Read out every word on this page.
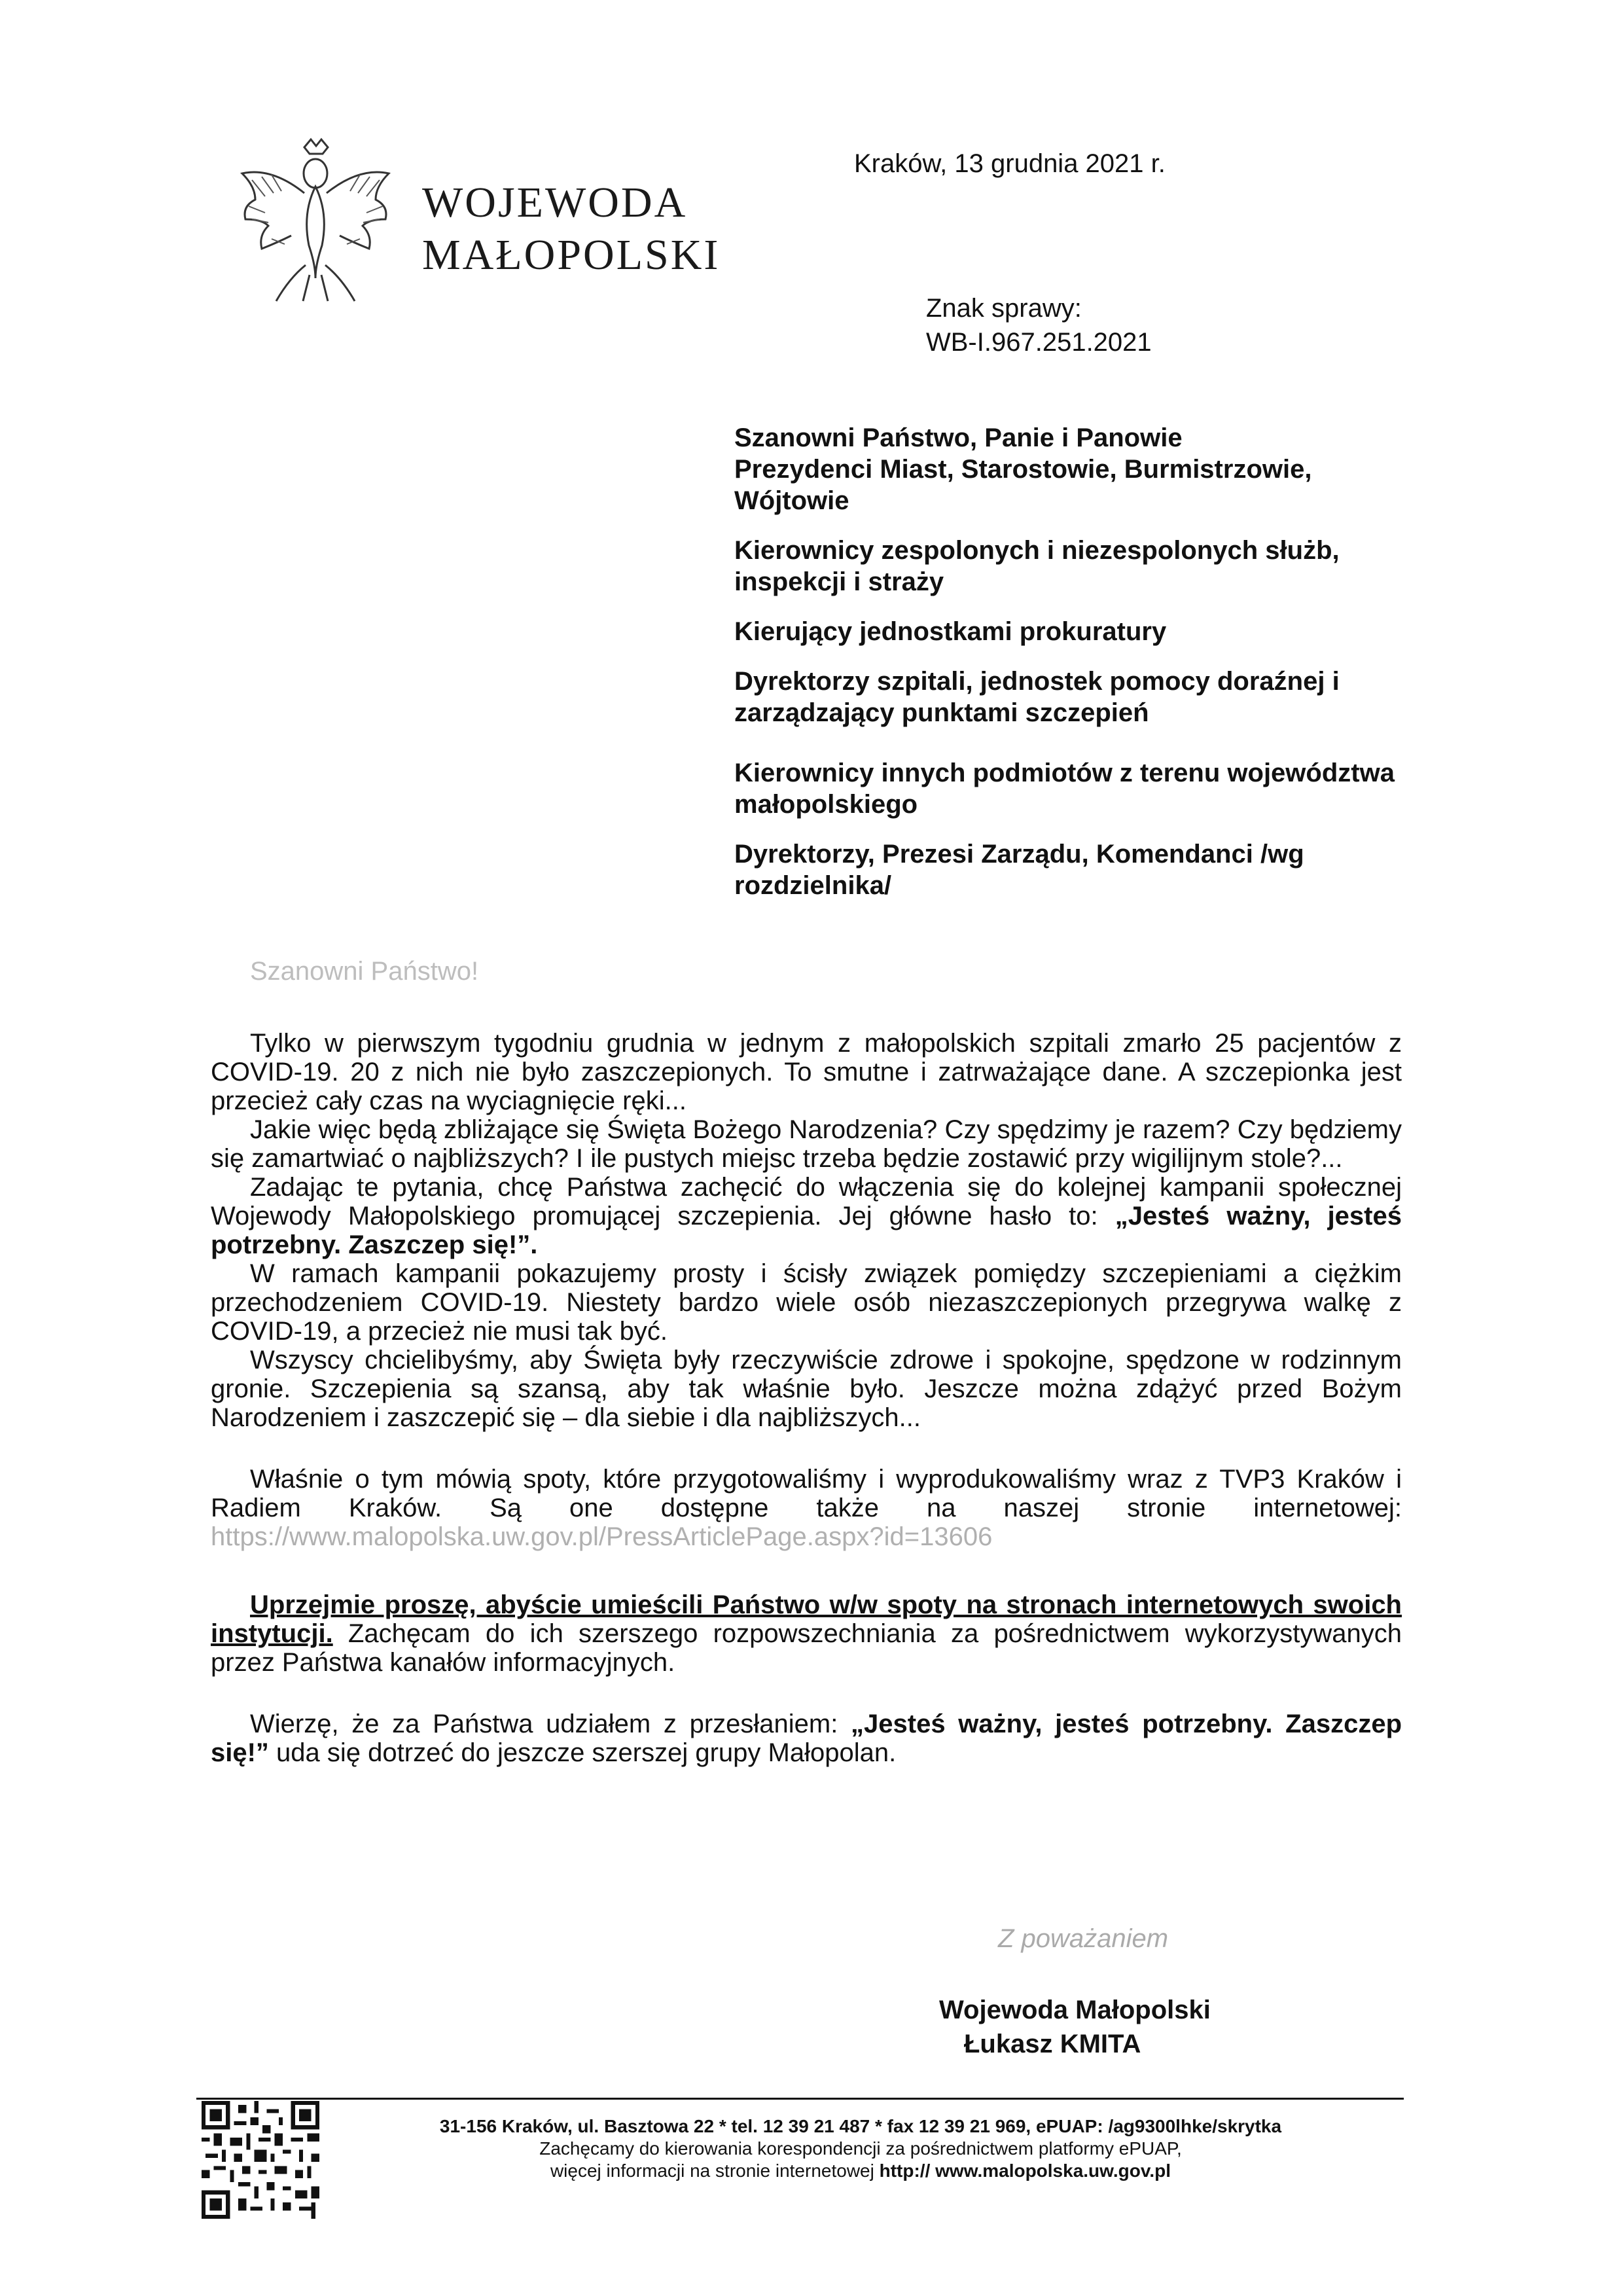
WOJEWODA
MAŁOPOLSKI
Kraków, 13 grudnia 2021 r.
Znak sprawy:
WB-I.967.251.2021
Szanowni Państwo, Panie i Panowie
Prezydenci Miast, Starostowie, Burmistrzowie, Wójtowie
Kierownicy zespolonych i niezespolonych służb, inspekcji i straży
Kierujący jednostkami prokuratury
Dyrektorzy szpitali, jednostek pomocy doraźnej i zarządzający punktami szczepień
Kierownicy innych podmiotów z terenu województwa małopolskiego
Dyrektorzy, Prezesi Zarządu, Komendanci /wg rozdzielnika/
Szanowni Państwo!

Tylko w pierwszym tygodniu grudnia w jednym z małopolskich szpitali zmarło 25 pacjentów z COVID-19. 20 z nich nie było zaszczepionych. To smutne i zatrważające dane. A szczepionka jest przecież cały czas na wyciagnięcie ręki...

Jakie więc będą zbliżające się Święta Bożego Narodzenia? Czy spędzimy je razem? Czy będziemy się zamartwiać o najbliższych? I ile pustych miejsc trzeba będzie zostawić przy wigilijnym stole?...

Zadając te pytania, chcę Państwa zachęcić do włączenia się do kolejnej kampanii społecznej Wojewody Małopolskiego promującej szczepienia. Jej główne hasło to: „Jesteś ważny, jesteś potrzebny. Zaszczep się!”.

W ramach kampanii pokazujemy prosty i ścisły związek pomiędzy szczepieniami a ciężkim przechodzeniem COVID-19. Niestety bardzo wiele osób niezaszczepionych przegrywa walkę z COVID-19, a przecież nie musi tak być.

Wszyscy chcielibyśmy, aby Święta były rzeczywiście zdrowe i spokojne, spędzone w rodzinnym gronie. Szczepienia są szansą, aby tak właśnie było. Jeszcze można zdążyć przed Bożym Narodzeniem i zaszczepić się – dla siebie i dla najbliższych...

Właśnie o tym mówią spoty, które przygotowaliśmy i wyprodukowaliśmy wraz z TVP3 Kraków i Radiem Kraków. Są one dostępne także na naszej stronie internetowej: https://www.malopolska.uw.gov.pl/PressArticlePage.aspx?id=13606

Uprzejmie proszę, abyście umieścili Państwo w/w spoty na stronach internetowych swoich instytucji. Zachęcam do ich szerszego rozpowszechniania za pośrednictwem wykorzystywanych przez Państwa kanałów informacyjnych.

Wierzę, że za Państwa udziałem z przesłaniem: „Jesteś ważny, jesteś potrzebny. Zaszczep się!” uda się dotrzeć do jeszcze szerszej grupy Małopolan.

Z poważaniem
Wojewoda Małopolski
Łukasz KMITA
31-156 Kraków, ul. Basztowa 22 * tel. 12 39 21 487 * fax 12 39 21 969, ePUAP: /ag9300lhke/skrytka
Zachęcamy do kierowania korespondencji za pośrednictwem platformy ePUAP,
więcej informacji na stronie internetowej http:// www.malopolska.uw.gov.pl
